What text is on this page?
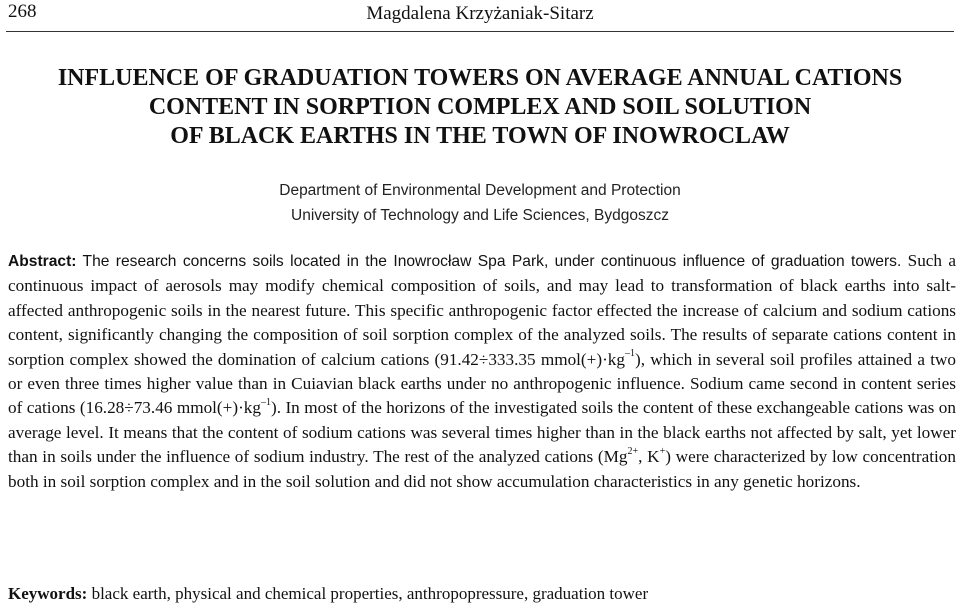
268	Magdalena Krzyżaniak-Sitarz
INFLUENCE OF GRADUATION TOWERS ON AVERAGE ANNUAL CATIONS
CONTENT IN SORPTION COMPLEX AND SOIL SOLUTION
OF BLACK EARTHS IN THE TOWN OF INOWROCLAW
Department of Environmental Development and Protection
University of Technology and Life Sciences, Bydgoszcz
Abstract: The research concerns soils located in the Inowrocław Spa Park, under continuous influence of graduation towers. Such a continuous impact of aerosols may modify chemical composition of soils, and may lead to transformation of black earths into salt-affected anthropogenic soils in the nearest future. This specific anthropogenic factor effected the increase of calcium and sodium cations content, significantly changing the composition of soil sorption complex of the analyzed soils. The results of separate cations content in sorption complex showed the domination of calcium cations (91.42÷333.35 $mmol(+)\cdot kg^{-1}$), which in several soil profiles attained a two or even three times higher value than in Cuiavian black earths under no anthropogenic influence. Sodium came second in content series of cations (16.28÷73.46 $mmol(+)\cdot kg^{-1}$). In most of the horizons of the investigated soils the content of these exchangeable cations was on average level. It means that the content of sodium cations was several times higher than in the black earths not affected by salt, yet lower than in soils under the influence of sodium industry. The rest of the analyzed cations ($Mg^{2+}$, K+) were characterized by low concentration both in soil sorption complex and in the soil solution and did not show accumulation characteristics in any genetic horizons.
Keywords: black earth, physical and chemical properties, anthropopressure, graduation tower
